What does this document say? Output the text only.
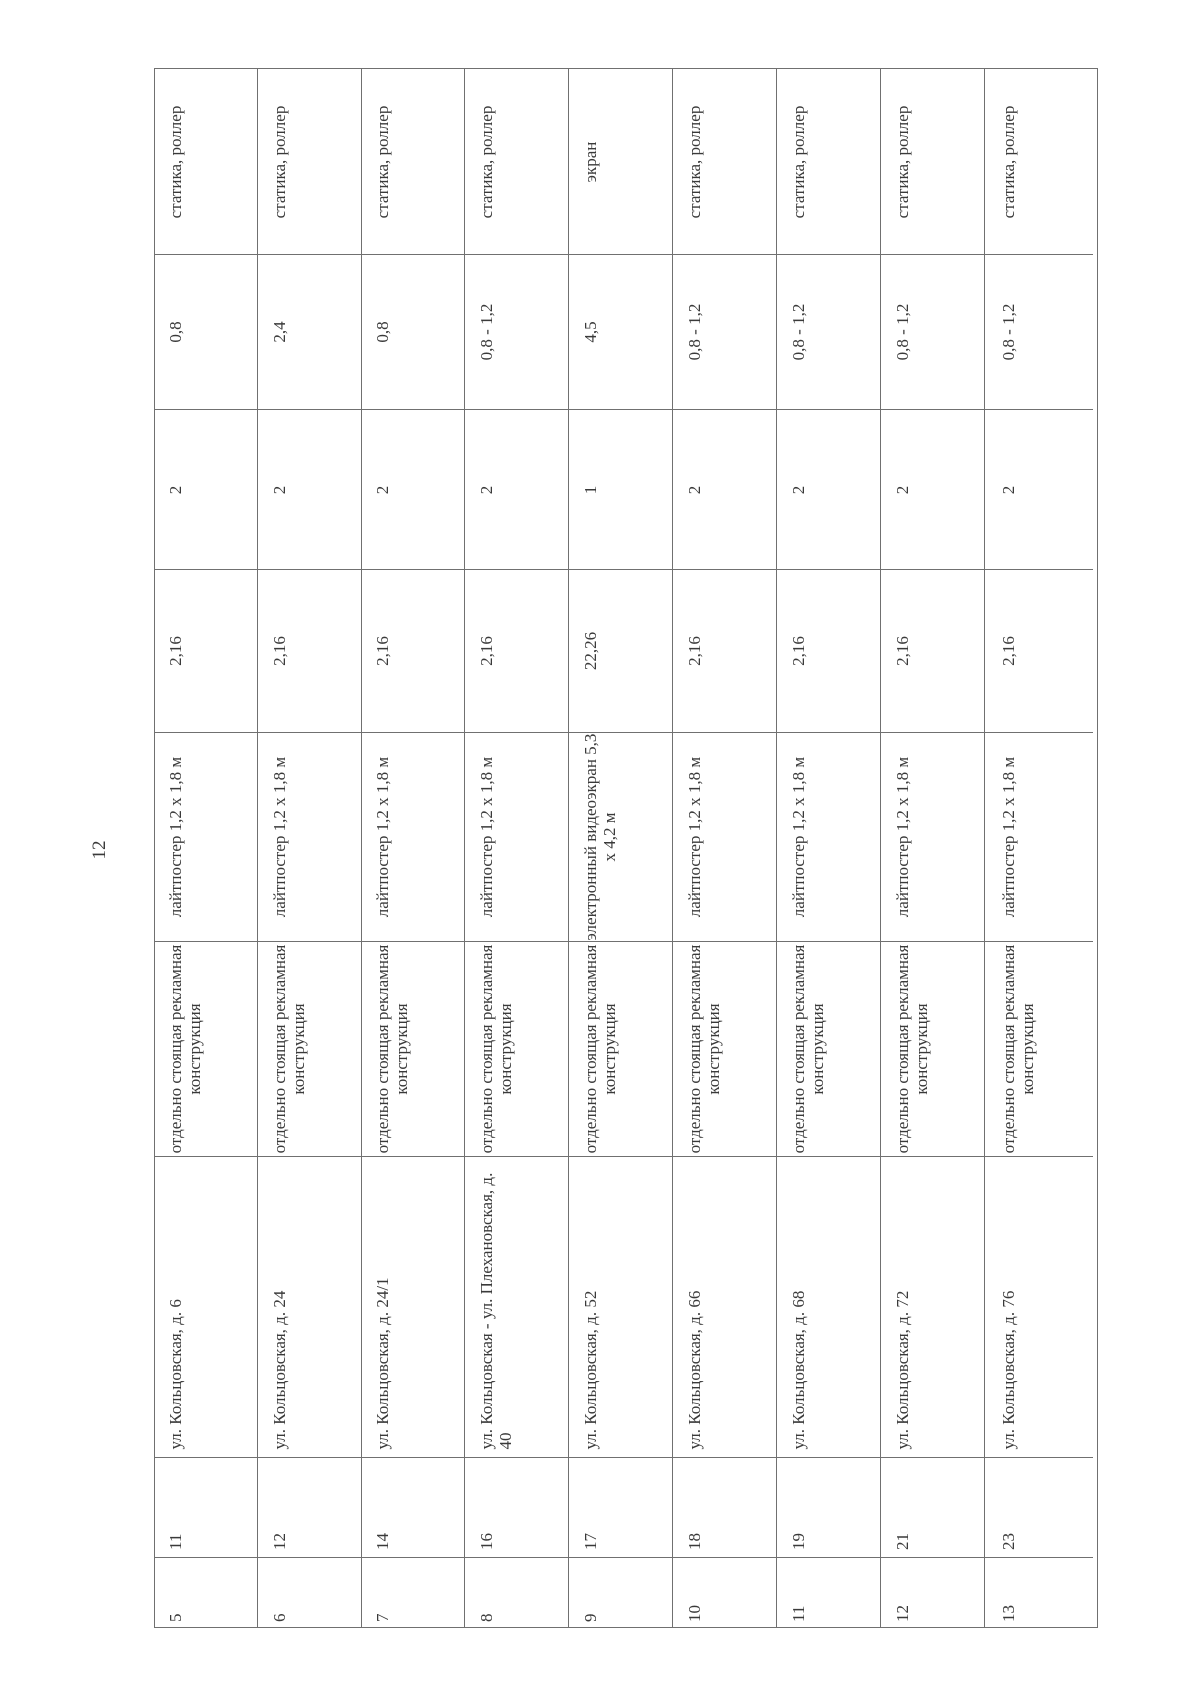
12
статика, роллер
0,8
2
2,16
лайтпостер 1,2 х 1,8 м
отдельно стоящая рекламная конструкция
ул. Кольцовская, д. 6
11
5
статика, роллер
2,4
2
2,16
лайтпостер 1,2 х 1,8 м
отдельно стоящая рекламная конструкция
ул. Кольцовская, д. 24
12
6
статика, роллер
0,8
2
2,16
лайтпостер 1,2 х 1,8 м
отдельно стоящая рекламная конструкция
ул. Кольцовская, д. 24/1
14
7
статика, роллер
0,8 - 1,2
2
2,16
лайтпостер 1,2 х 1,8 м
отдельно стоящая рекламная конструкция
ул. Кольцовская - ул. Плехановская, д. 40
16
8
экран
4,5
1
22,26
электронный видеоэкран 5,3 х 4,2 м
отдельно стоящая рекламная конструкция
ул. Кольцовская, д. 52
17
9
статика, роллер
0,8 - 1,2
2
2,16
лайтпостер 1,2 х 1,8 м
отдельно стоящая рекламная конструкция
ул. Кольцовская, д. 66
18
10
статика, роллер
0,8 - 1,2
2
2,16
лайтпостер 1,2 х 1,8 м
отдельно стоящая рекламная конструкция
ул. Кольцовская, д. 68
19
11
статика, роллер
0,8 - 1,2
2
2,16
лайтпостер 1,2 х 1,8 м
отдельно стоящая рекламная конструкция
ул. Кольцовская, д. 72
21
12
статика, роллер
0,8 - 1,2
2
2,16
лайтпостер 1,2 х 1,8 м
отдельно стоящая рекламная конструкция
ул. Кольцовская, д. 76
23
13
